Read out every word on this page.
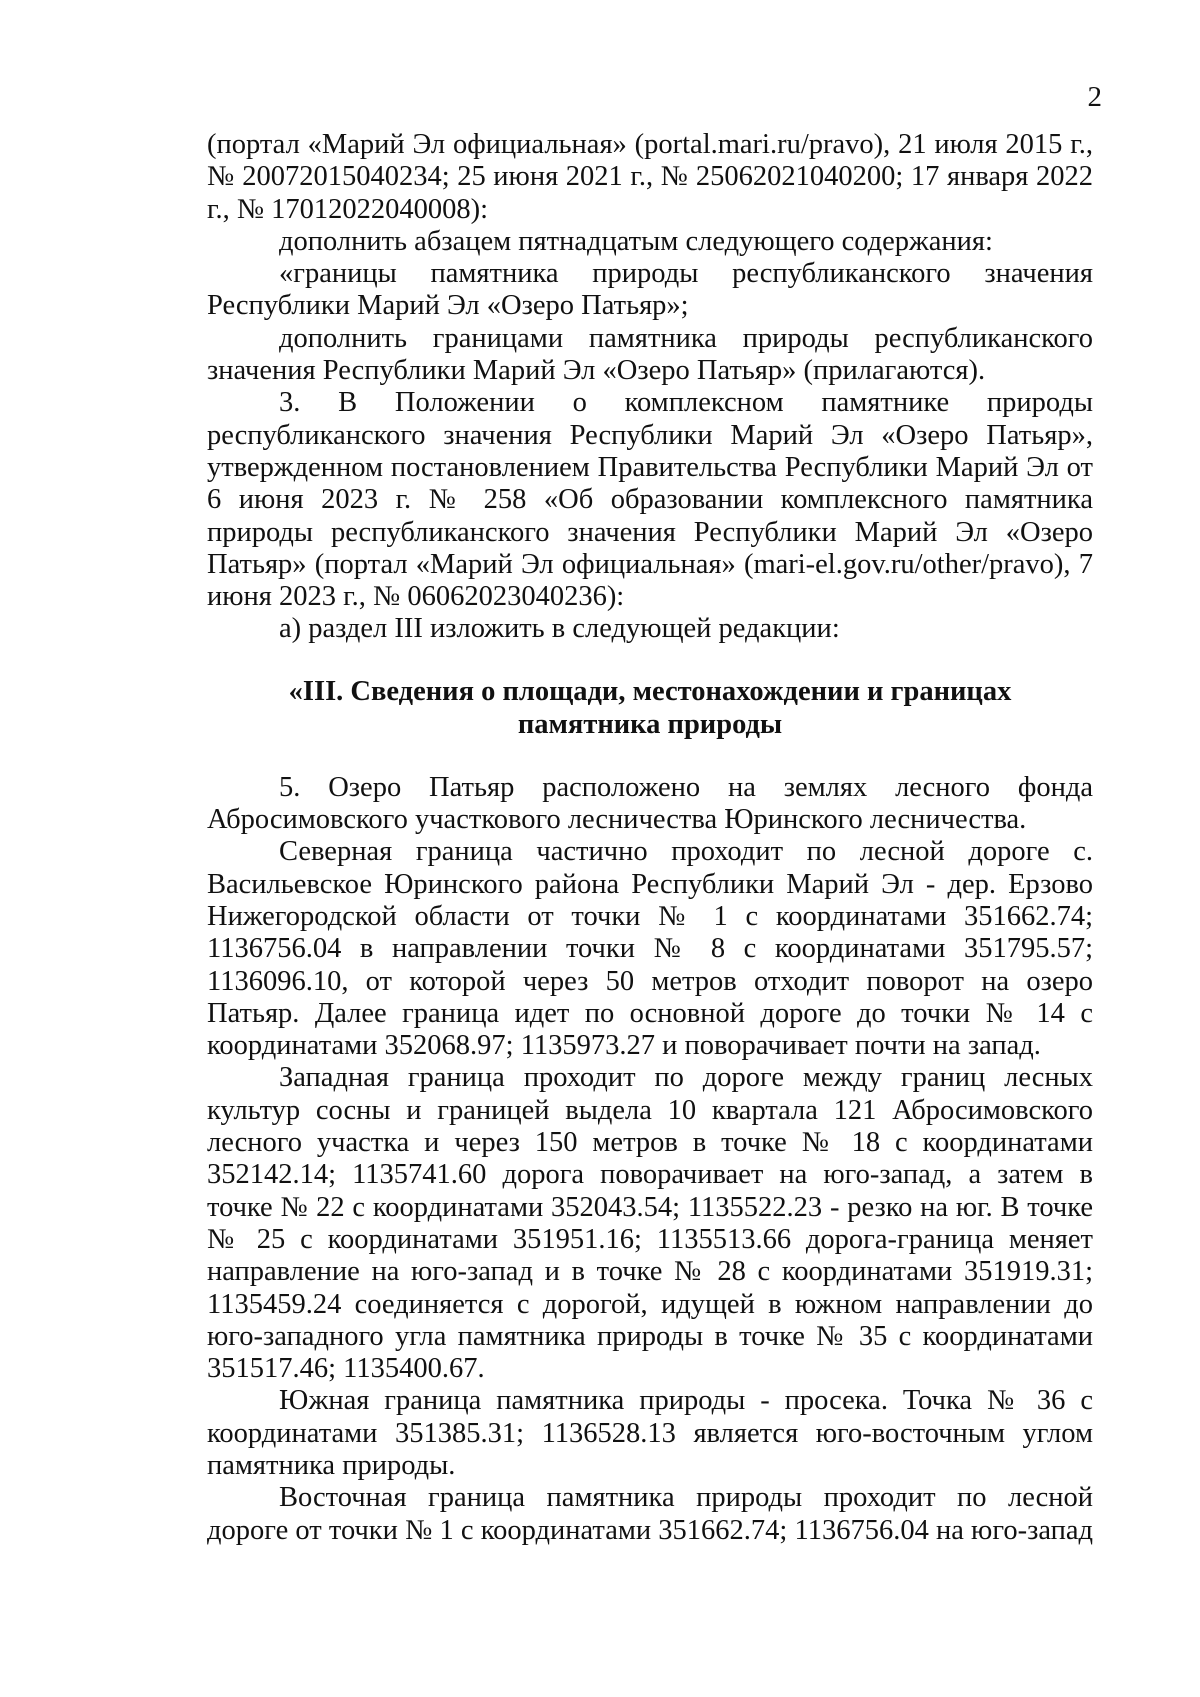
2

(портал «Марий Эл официальная» (portal.mari.ru/pravo), 21 июля 2015 г., № 20072015040234; 25 июня 2021 г., № 25062021040200; 17 января 2022 г., № 17012022040008):

дополнить абзацем пятнадцатым следующего содержания:

«границы памятника природы республиканского значения Республики Марий Эл «Озеро Патьяр»;

дополнить границами памятника природы республиканского значения Республики Марий Эл «Озеро Патьяр» (прилагаются).

3. В Положении о комплексном памятнике природы республиканского значения Республики Марий Эл «Озеро Патьяр», утвержденном постановлением Правительства Республики Марий Эл от 6 июня 2023 г. № 258 «Об образовании комплексного памятника природы республиканского значения Республики Марий Эл «Озеро Патьяр» (портал «Марий Эл официальная» (mari-el.gov.ru/other/pravo), 7 июня 2023 г., № 06062023040236):

а) раздел III изложить в следующей редакции:

«III. Сведения о площади, местонахождении и границах
памятника природы

5. Озеро Патьяр расположено на землях лесного фонда Абросимовского участкового лесничества Юринского лесничества.

Северная граница частично проходит по лесной дороге с. Васильевское Юринского района Республики Марий Эл - дер. Ерзово Нижегородской области от точки № 1 с координатами 351662.74; 1136756.04 в направлении точки № 8 с координатами 351795.57; 1136096.10, от которой через 50 метров отходит поворот на озеро Патьяр. Далее граница идет по основной дороге до точки № 14 с координатами 352068.97; 1135973.27 и поворачивает почти на запад.

Западная граница проходит по дороге между границ лесных культур сосны и границей выдела 10 квартала 121 Абросимовского лесного участка и через 150 метров в точке № 18 с координатами 352142.14; 1135741.60 дорога поворачивает на юго-запад, а затем в точке № 22 с координатами 352043.54; 1135522.23 - резко на юг. В точке № 25 с координатами 351951.16; 1135513.66 дорога-граница меняет направление на юго-запад и в точке № 28 с координатами 351919.31; 1135459.24 соединяется с дорогой, идущей в южном направлении до юго-западного угла памятника природы в точке № 35 с координатами 351517.46; 1135400.67.

Южная граница памятника природы - просека. Точка № 36 с координатами 351385.31; 1136528.13 является юго-восточным углом памятника природы.

Восточная граница памятника природы проходит по лесной дороге от точки № 1 с координатами 351662.74; 1136756.04 на юго-запад
